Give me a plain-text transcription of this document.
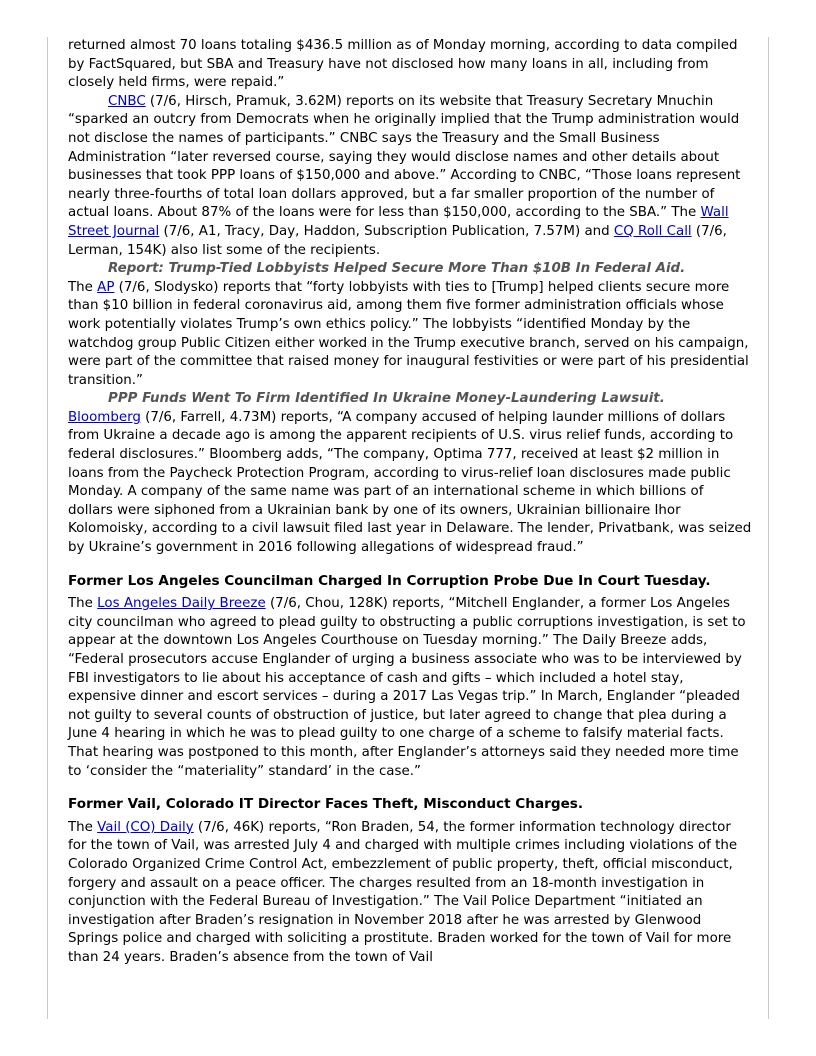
returned almost 70 loans totaling $436.5 million as of Monday morning, according to data compiled by FactSquared, but SBA and Treasury have not disclosed how many loans in all, including from closely held firms, were repaid.”

CNBC (7/6, Hirsch, Pramuk, 3.62M) reports on its website that Treasury Secretary Mnuchin “sparked an outcry from Democrats when he originally implied that the Trump administration would not disclose the names of participants.” CNBC says the Treasury and the Small Business Administration “later reversed course, saying they would disclose names and other details about businesses that took PPP loans of $150,000 and above.” According to CNBC, “Those loans represent nearly three-fourths of total loan dollars approved, but a far smaller proportion of the number of actual loans. About 87% of the loans were for less than $150,000, according to the SBA.” The Wall Street Journal (7/6, A1, Tracy, Day, Haddon, Subscription Publication, 7.57M) and CQ Roll Call (7/6, Lerman, 154K) also list some of the recipients.

Report: Trump-Tied Lobbyists Helped Secure More Than $10B In Federal Aid.

The AP (7/6, Slodysko) reports that “forty lobbyists with ties to [Trump] helped clients secure more than $10 billion in federal coronavirus aid, among them five former administration officials whose work potentially violates Trump’s own ethics policy.” The lobbyists “identified Monday by the watchdog group Public Citizen either worked in the Trump executive branch, served on his campaign, were part of the committee that raised money for inaugural festivities or were part of his presidential transition.”

PPP Funds Went To Firm Identified In Ukraine Money-Laundering Lawsuit.

Bloomberg (7/6, Farrell, 4.73M) reports, “A company accused of helping launder millions of dollars from Ukraine a decade ago is among the apparent recipients of U.S. virus relief funds, according to federal disclosures.” Bloomberg adds, “The company, Optima 777, received at least $2 million in loans from the Paycheck Protection Program, according to virus-relief loan disclosures made public Monday. A company of the same name was part of an international scheme in which billions of dollars were siphoned from a Ukrainian bank by one of its owners, Ukrainian billionaire Ihor Kolomoisky, according to a civil lawsuit filed last year in Delaware. The lender, Privatbank, was seized by Ukraine’s government in 2016 following allegations of widespread fraud.”

Former Los Angeles Councilman Charged In Corruption Probe Due In Court Tuesday.

The Los Angeles Daily Breeze (7/6, Chou, 128K) reports, “Mitchell Englander, a former Los Angeles city councilman who agreed to plead guilty to obstructing a public corruptions investigation, is set to appear at the downtown Los Angeles Courthouse on Tuesday morning.” The Daily Breeze adds, “Federal prosecutors accuse Englander of urging a business associate who was to be interviewed by FBI investigators to lie about his acceptance of cash and gifts – which included a hotel stay, expensive dinner and escort services – during a 2017 Las Vegas trip.” In March, Englander “pleaded not guilty to several counts of obstruction of justice, but later agreed to change that plea during a June 4 hearing in which he was to plead guilty to one charge of a scheme to falsify material facts. That hearing was postponed to this month, after Englander’s attorneys said they needed more time to ‘consider the “materiality” standard’ in the case.”

Former Vail, Colorado IT Director Faces Theft, Misconduct Charges.

The Vail (CO) Daily (7/6, 46K) reports, “Ron Braden, 54, the former information technology director for the town of Vail, was arrested July 4 and charged with multiple crimes including violations of the Colorado Organized Crime Control Act, embezzlement of public property, theft, official misconduct, forgery and assault on a peace officer. The charges resulted from an 18-month investigation in conjunction with the Federal Bureau of Investigation.” The Vail Police Department “initiated an investigation after Braden’s resignation in November 2018 after he was arrested by Glenwood Springs police and charged with soliciting a prostitute. Braden worked for the town of Vail for more than 24 years. Braden’s absence from the town of Vail
